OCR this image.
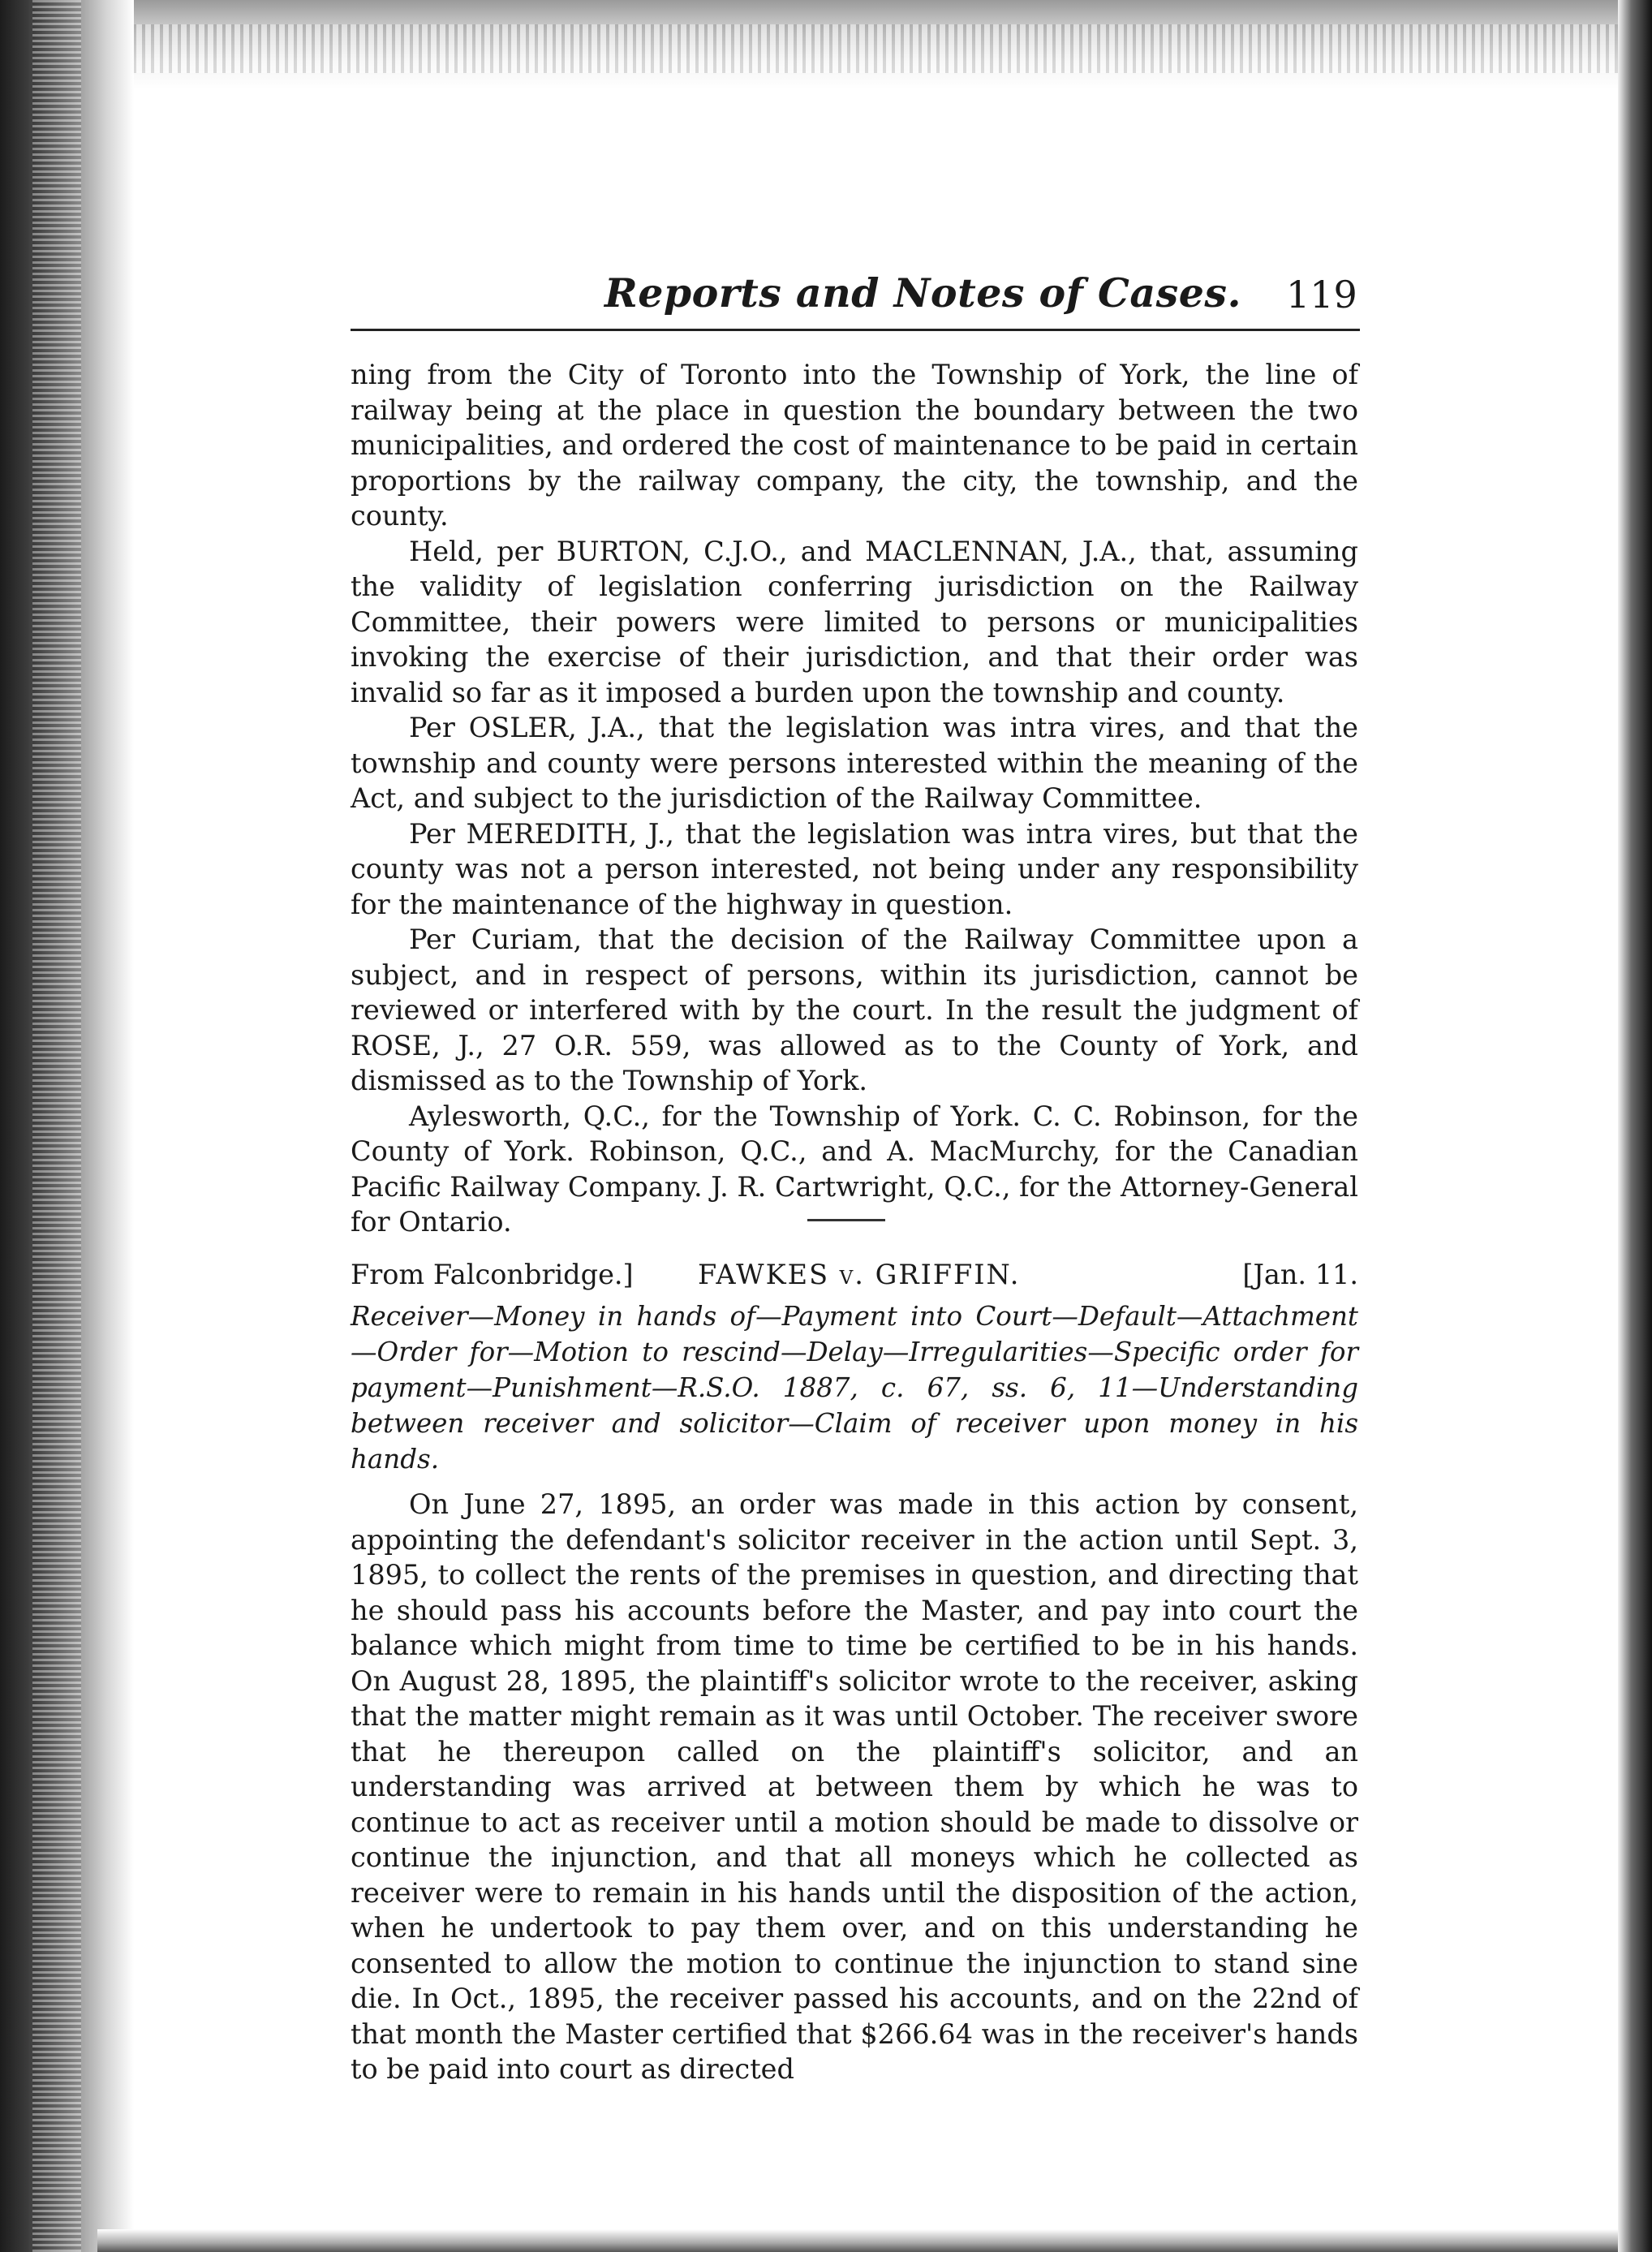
Reports and Notes of Cases. 119

ning from the City of Toronto into the Township of York, the line of railway being at the place in question the boundary between the two municipalities, and ordered the cost of maintenance to be paid in certain proportions by the railway company, the city, the township, and the county.

Held, per BURTON, C.J.O., and MACLENNAN, J.A., that, assuming the validity of legislation conferring jurisdiction on the Railway Committee, their powers were limited to persons or municipalities invoking the exercise of their jurisdiction, and that their order was invalid so far as it imposed a burden upon the township and county.

Per OSLER, J.A., that the legislation was intra vires, and that the township and county were persons interested within the meaning of the Act, and subject to the jurisdiction of the Railway Committee.

Per MEREDITH, J., that the legislation was intra vires, but that the county was not a person interested, not being under any responsibility for the maintenance of the highway in question.

Per Curiam, that the decision of the Railway Committee upon a subject, and in respect of persons, within its jurisdiction, cannot be reviewed or interfered with by the court. In the result the judgment of ROSE, J., 27 O.R. 559, was allowed as to the County of York, and dismissed as to the Township of York.

Aylesworth, Q.C., for the Township of York. C. C. Robinson, for the County of York. Robinson, Q.C., and A. MacMurchy, for the Canadian Pacific Railway Company. J. R. Cartwright, Q.C., for the Attorney-General for Ontario.

From Falconbridge.] FAWKES v. GRIFFIN.	[Jan. 11.
Receiver—Money in hands of—Payment into Court—Default—Attachment—Order for—Motion to rescind—Delay—Irregularities—Specific order for payment—Punishment—R.S.O. 1887, c. 67, ss. 6, 11—Understanding between receiver and solicitor—Claim of receiver upon money in his hands.

On June 27, 1895, an order was made in this action by consent, appointing the defendant's solicitor receiver in the action until Sept. 3, 1895, to collect the rents of the premises in question, and directing that he should pass his accounts before the Master, and pay into court the balance which might from time to time be certified to be in his hands. On August 28, 1895, the plaintiff's solicitor wrote to the receiver, asking that the matter might remain as it was until October. The receiver swore that he thereupon called on the plaintiff's solicitor, and an understanding was arrived at between them by which he was to continue to act as receiver until a motion should be made to dissolve or continue the injunction, and that all moneys which he collected as receiver were to remain in his hands until the disposition of the action, when he undertook to pay them over, and on this understanding he consented to allow the motion to continue the injunction to stand sine die. In Oct., 1895, the receiver passed his accounts, and on the 22nd of that month the Master certified that $266.64 was in the receiver's hands to be paid into court as directed
